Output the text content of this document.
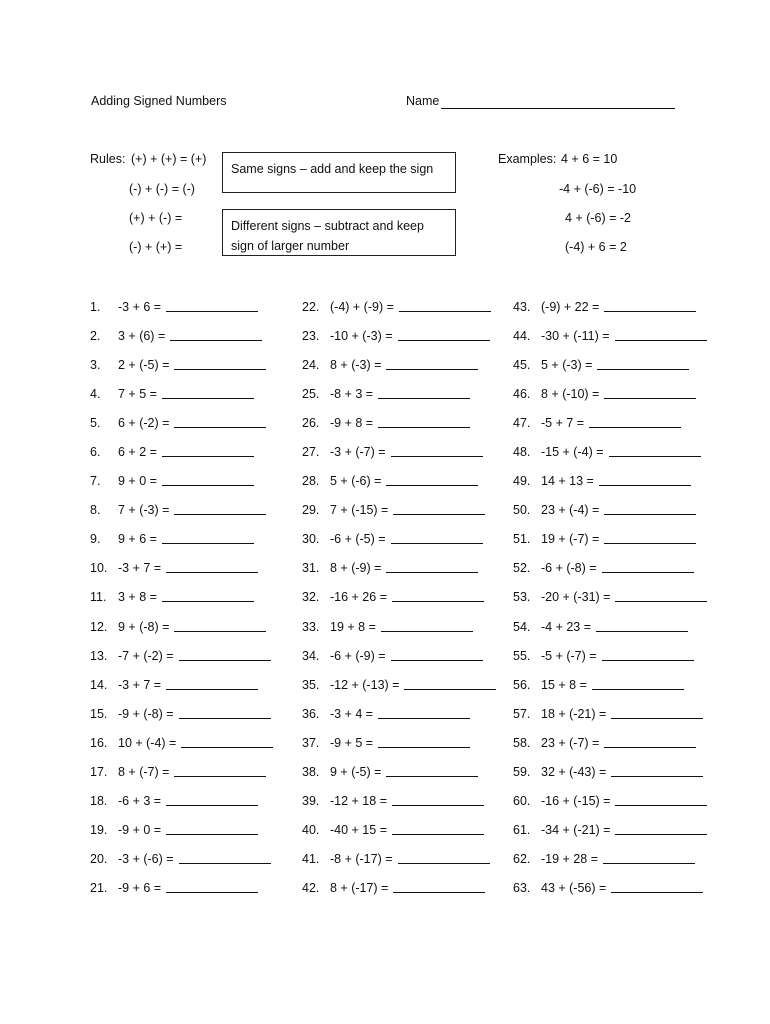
Adding Signed Numbers	Name
Rules: (+) + (+) = (+)
(-) + (-) = (-)
(+) + (-) =
(-) + (+) =
Same signs – add and keep the sign
Different signs – subtract and keep sign of larger number
Examples: 4 + 6 = 10
-4 + (-6) = -10
4 + (-6) = -2
(-4) + 6 = 2
1.	-3 + 6 =
2.	3 + (6) =
3.	2 + (-5) =
4.	7 + 5 =
5.	6 + (-2) =
6.	6 + 2 =
7.	9 + 0 =
8.	7 + (-3) =
9.	9 + 6 =
10. -3 + 7 =
11. 3 + 8 =
12. 9 + (-8) =
13. -7 + (-2) =
14. -3 + 7 =
15. -9 + (-8) =
16. 10 + (-4) =
17. 8 + (-7) =
18. -6 + 3 =
19. -9 + 0 =
20. -3 + (-6) =
21. -9 + 6 =
22. (-4) + (-9) =
23. -10 + (-3) =
24. 8 + (-3) =
25. -8 + 3 =
26. -9 + 8 =
27. -3 + (-7) =
28. 5 + (-6) =
29. 7 + (-15) =
30. -6 + (-5) =
31. 8 + (-9) =
32. -16 + 26 =
33. 19 + 8 =
34. -6 + (-9) =
35. -12 + (-13) =
36. -3 + 4 =
37. -9 + 5 =
38. 9 + (-5) =
39. -12 + 18 =
40. -40 + 15 =
41. -8 + (-17) =
42. 8 + (-17) =
43. (-9) + 22 =
44. -30 + (-11) =
45. 5 + (-3) =
46. 8 + (-10) =
47. -5 + 7 =
48. -15 + (-4) =
49. 14 + 13 =
50. 23 + (-4) =
51. 19 + (-7) =
52. -6 + (-8) =
53. -20 + (-31) =
54. -4 + 23 =
55. -5 + (-7) =
56. 15 + 8 =
57. 18 + (-21) =
58. 23 + (-7) =
59. 32 + (-43) =
60. -16 + (-15) =
61. -34 + (-21) =
62. -19 + 28 =
63. 43 + (-56) =
